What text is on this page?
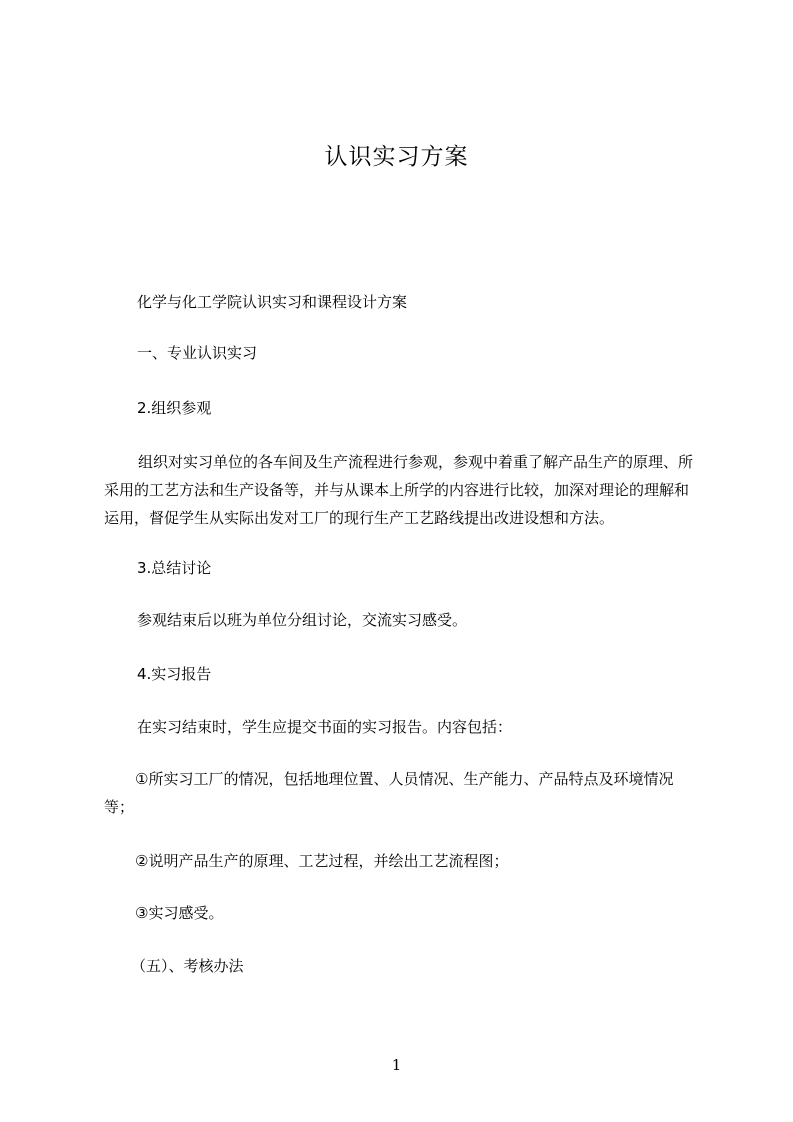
认识实习方案
化学与化工学院认识实习和课程设计方案
一、专业认识实习
2.组织参观
组织对实习单位的各车间及生产流程进行参观，参观中着重了解产品生产的原理、所采用的工艺方法和生产设备等，并与从课本上所学的内容进行比较，加深对理论的理解和运用，督促学生从实际出发对工厂的现行生产工艺路线提出改进设想和方法。
3.总结讨论
参观结束后以班为单位分组讨论，交流实习感受。
4.实习报告
在实习结束时，学生应提交书面的实习报告。内容包括：
①所实习工厂的情况，包括地理位置、人员情况、生产能力、产品特点及环境情况等；
②说明产品生产的原理、工艺过程，并绘出工艺流程图；
③实习感受。
（五）、考核办法
1
